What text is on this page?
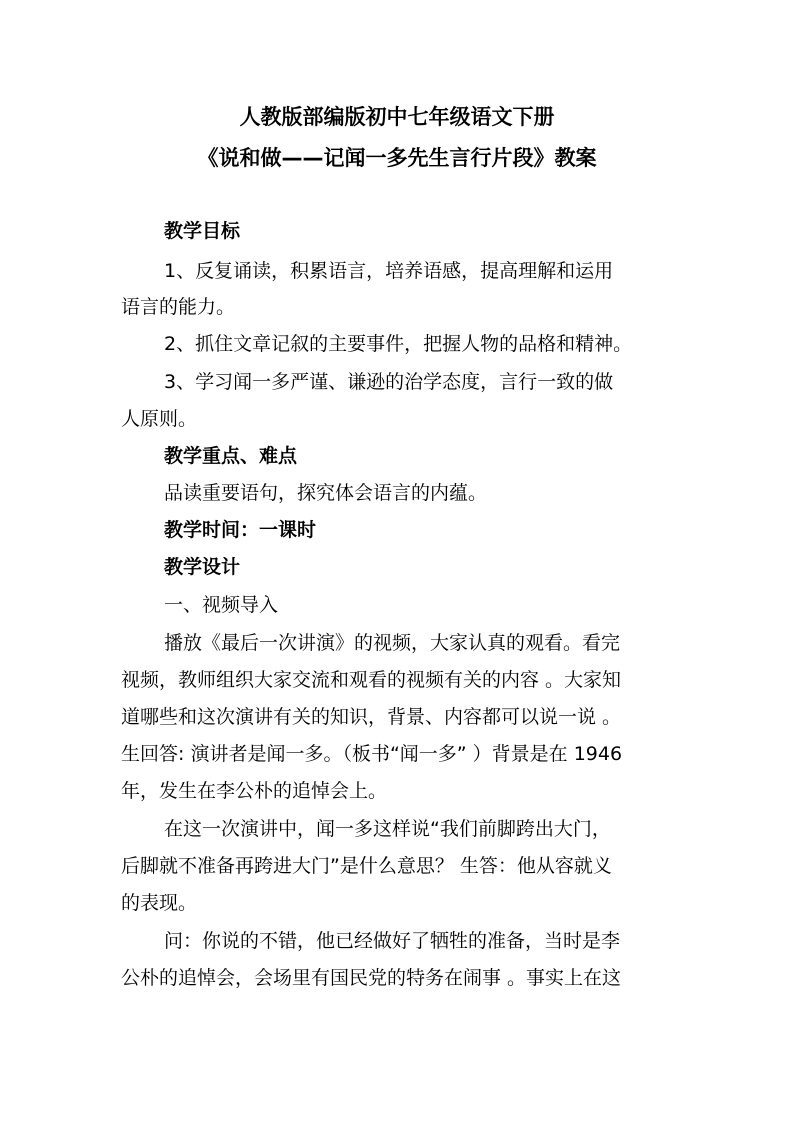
人教版部编版初中七年级语文下册
《说和做——记闻一多先生言行片段》教案
教学目标
1、反复诵读，积累语言，培养语感，提高理解和运用
语言的能力。
2、抓住文章记叙的主要事件，把握人物的品格和精神。
3、学习闻一多严谨、谦逊的治学态度，言行一致的做
人原则。
教学重点、难点
品读重要语句，探究体会语言的内蕴。
教学时间：一课时
教学设计
一、视频导入
播放《最后一次讲演》的视频，大家认真的观看。看完
视频，教师组织大家交流和观看的视频有关的内容 。大家知
道哪些和这次演讲有关的知识，背景、内容都可以说一说 。
生回答: 演讲者是闻一多。（板书“闻一多” ）背景是在 1946
年，发生在李公朴的追悼会上。
在这一次演讲中，闻一多这样说“我们前脚跨出大门，
后脚就不准备再跨进大门”是什么意思？ 生答：他从容就义
的表现。
问：你说的不错，他已经做好了牺牲的准备，当时是李
公朴的追悼会，会场里有国民党的特务在闹事 。事实上在这
